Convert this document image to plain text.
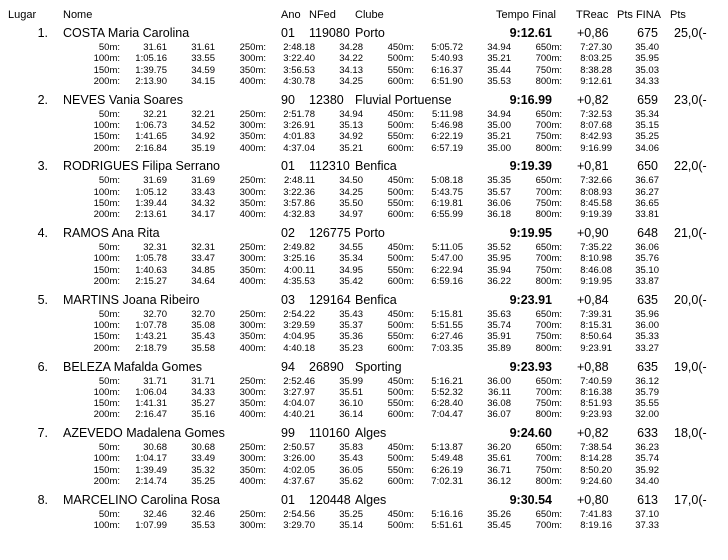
Lugar Nome	Ano NFed Clube	Tempo Final TReac Pts FINA Pts
1. COSTA Maria Carolina	01 119080 Porto	9:12.61 +0,86	675 25,0(-
50m:	31.61	31.61	250m:	2:48.18	34.28	450m:	5:05.72	34.94	650m:	7:27.30	35.40
100m:	1:05.16	33.55	300m:	3:22.40	34.22	500m:	5:40.93	35.21	700m:	8:03.25	35.95
150m:	1:39.75	34.59	350m:	3:56.53	34.13	550m:	6:16.37	35.44	750m:	8:38.28	35.03
200m:	2:13.90	34.15	400m:	4:30.78	34.25	600m:	6:51.90	35.53	800m:	9:12.61	34.33
2. NEVES Vania Soares	90 12380 Fluvial Portuense	9:16.99 +0,82	659 23,0(-
50m:	32.21	32.21	250m:	2:51.78	34.94	450m:	5:11.98	34.94	650m:	7:32.53	35.34
100m:	1:06.73	34.52	300m:	3:26.91	35.13	500m:	5:46.98	35.00	700m:	8:07.68	35.15
150m:	1:41.65	34.92	350m:	4:01.83	34.92	550m:	6:22.19	35.21	750m:	8:42.93	35.25
200m:	2:16.84	35.19	400m:	4:37.04	35.21	600m:	6:57.19	35.00	800m:	9:16.99	34.06
3. RODRIGUES Filipa Serrano	01 112310 Benfica	9:19.39 +0,81	650 22,0(-
50m:	31.69	31.69	250m:	2:48.11	34.50	450m:	5:08.18	35.35	650m:	7:32.66	36.67
100m:	1:05.12	33.43	300m:	3:22.36	34.25	500m:	5:43.75	35.57	700m:	8:08.93	36.27
150m:	1:39.44	34.32	350m:	3:57.86	35.50	550m:	6:19.81	36.06	750m:	8:45.58	36.65
200m:	2:13.61	34.17	400m:	4:32.83	34.97	600m:	6:55.99	36.18	800m:	9:19.39	33.81
4. RAMOS Ana Rita	02 126775 Porto	9:19.95 +0,90	648 21,0(-
50m:	32.31	32.31	250m:	2:49.82	34.55	450m:	5:11.05	35.52	650m:	7:35.22	36.06
100m:	1:05.78	33.47	300m:	3:25.16	35.34	500m:	5:47.00	35.95	700m:	8:10.98	35.76
150m:	1:40.63	34.85	350m:	4:00.11	34.95	550m:	6:22.94	35.94	750m:	8:46.08	35.10
200m:	2:15.27	34.64	400m:	4:35.53	35.42	600m:	6:59.16	36.22	800m:	9:19.95	33.87
5. MARTINS Joana Ribeiro	03 129164 Benfica	9:23.91 +0,84	635 20,0(-
50m:	32.70	32.70	250m:	2:54.22	35.43	450m:	5:15.81	35.63	650m:	7:39.31	35.96
100m:	1:07.78	35.08	300m:	3:29.59	35.37	500m:	5:51.55	35.74	700m:	8:15.31	36.00
150m:	1:43.21	35.43	350m:	4:04.95	35.36	550m:	6:27.46	35.91	750m:	8:50.64	35.33
200m:	2:18.79	35.58	400m:	4:40.18	35.23	600m:	7:03.35	35.89	800m:	9:23.91	33.27
6. BELEZA Mafalda Gomes	94 26890 Sporting	9:23.93 +0,88	635 19,0(-
50m:	31.71	31.71	250m:	2:52.46	35.99	450m:	5:16.21	36.00	650m:	7:40.59	36.12
100m:	1:06.04	34.33	300m:	3:27.97	35.51	500m:	5:52.32	36.11	700m:	8:16.38	35.79
150m:	1:41.31	35.27	350m:	4:04.07	36.10	550m:	6:28.40	36.08	750m:	8:51.93	35.55
200m:	2:16.47	35.16	400m:	4:40.21	36.14	600m:	7:04.47	36.07	800m:	9:23.93	32.00
7. AZEVEDO Madalena Gomes	99 110160 Alges	9:24.60 +0,82	633 18,0(-
50m:	30.68	30.68	250m:	2:50.57	35.83	450m:	5:13.87	36.20	650m:	7:38.54	36.23
100m:	1:04.17	33.49	300m:	3:26.00	35.43	500m:	5:49.48	35.61	700m:	8:14.28	35.74
150m:	1:39.49	35.32	350m:	4:02.05	36.05	550m:	6:26.19	36.71	750m:	8:50.20	35.92
200m:	2:14.74	35.25	400m:	4:37.67	35.62	600m:	7:02.31	36.12	800m:	9:24.60	34.40
8. MARCELINO Carolina Rosa	01 120448 Alges	9:30.54 +0,80	613 17,0(-
50m:	32.46	32.46	250m:	2:54.56	35.25	450m:	5:16.16	35.26	650m:	7:41.83	37.10
100m:	1:07.99	35.53	300m:	3:29.70	35.14	500m:	5:51.61	35.45	700m:	8:19.16	37.33
